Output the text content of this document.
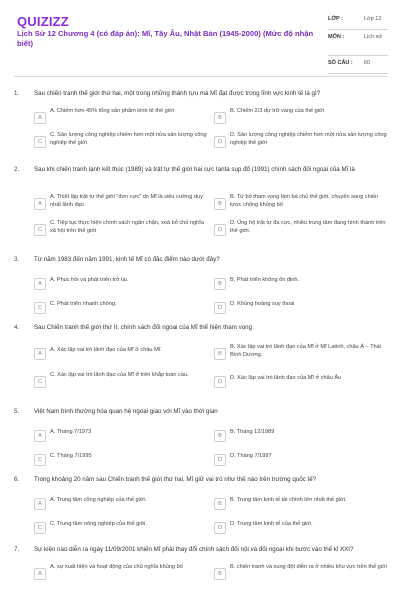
QUIZIZZ
Lịch Sử 12 Chương 4 (có đáp án): Mĩ, Tây Âu, Nhật Bản (1945-2000) (Mức độ nhận biết)
LỚP :	Lớp 12
MÔN :	Lịch sử
SỐ CÂU : 60
1. Sau chiến tranh thế giới thứ hai, một trong những thành tựu mà Mĩ đạt được trong lĩnh vực kinh tế là gì?
A
A. Chiếm hơn 45% tổng sản phẩm kinh tế thế giới
B
B. Chiếm 2/3 dự trữ vàng của thế giới
C
C. Sản lượng công nghiệp chiếm hơn một nửa sản lượng công nghiệp thế giới	D
D. Sản lượng công nghiệp chiếm hơn một nửa sản lượng công nghiệp thế giới
2. Sau khi chiến tranh lạnh kết thúc (1989) và trật tự thế giới hai cực Ianta sụp đổ (1991) chính sách đối ngoại của Mĩ là
A
A. Thiết lập trật tự thế giới "đơn cực" do Mĩ là siêu cường duy nhất lãnh đạo	B
B. Từ bỏ tham vọng làm bá chủ thế giới, chuyển sang chiến lược chống khủng bố
C
C. Tiếp tục thực hiện chính sách ngăn chặn, xoá bỏ chủ nghĩa xã hội trên thế giới	D
D. Ủng hộ trật tự đa cực, nhiều trung tâm đang hình thành trên thế giới.
3. Từ năm 1983 đến năm 1991, kinh tế Mĩ có đặc điểm nào dưới đây?
A
A. Phục hồi và phát triển trở lại.
B
B. Phát triển không ổn định.
C
C. Phát triển nhanh chóng.
D
D. Khủng hoảng suy thoái
4. Sau Chiến tranh thế giới thứ II, chính sách đối ngoại của Mĩ thể hiện tham vọng
A
A. Xác lập vai trò lãnh đạo của Mĩ ở châu Mĩ.
B
B. Xác lập vai trò lãnh đạo của Mĩ ở Mĩ Latinh, châu Á – Thái Bình Dương.
C
C. Xác lập vai trò lãnh đạo của Mĩ ở trên khắp toàn cầu.
D
D. Xác lập vai trò lãnh đạo của Mĩ ở châu Âu
5. Việt Nam bình thường hóa quan hệ ngoại giao với Mĩ vào thời gian
A
A. Tháng 7/1973
B
B. Tháng 12/1989
C
C. Tháng 7/1995
D
D. Tháng 7/1997
6. Trong khoảng 20 năm sau Chiến tranh thế giới thứ hai, Mĩ giữ vai trò như thế nào trên trường quốc tế?
A
A. Trung tâm công nghiệp của thế giới.
B
B. Trung tâm kinh tế tài chính lớn nhất thế giới.
C
C. Trung tâm nông nghiệp của thế giới.
D
D. Trung tâm kinh tế của thế giới.
7. Sự kiện nào diễn ra ngày 11/09/2001 khiến Mĩ phải thay đổi chính sách đối nội và đối ngoại khi bước vào thế kỉ XXI?
A
A. sự xuất hiện và hoạt động của chủ nghĩa khủng bố
B
B. chiến tranh và xung đột diễn ra ở nhiều khu vực trên thế giới
